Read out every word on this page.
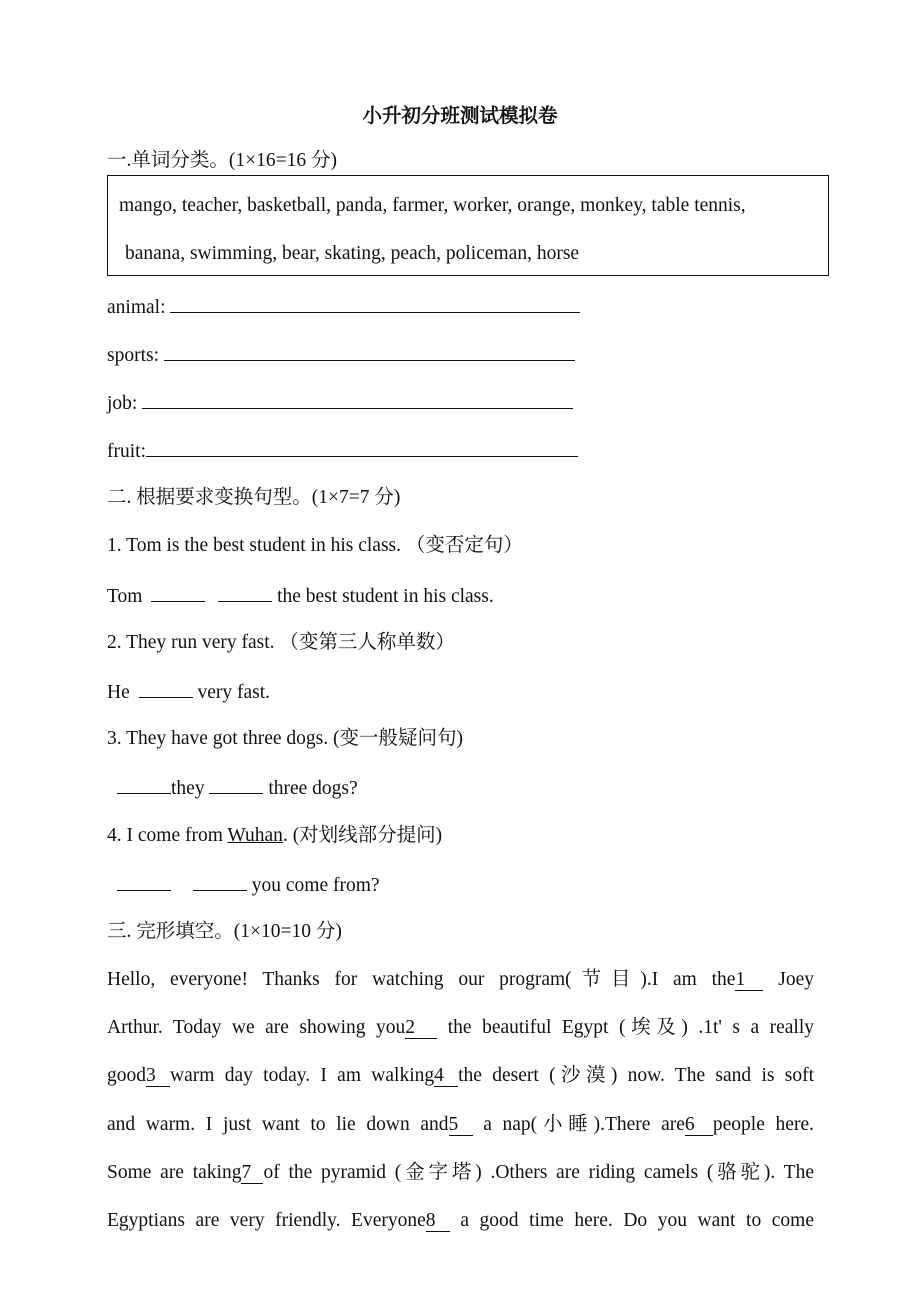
小升初分班测试模拟卷
一.单词分类。(1×16=16 分)
mango, teacher, basketball, panda, farmer, worker, orange, monkey, table tennis,
banana, swimming, bear, skating, peach, policeman, horse
animal:
sports:
job:
fruit:
二. 根据要求变换句型。(1×7=7 分)
1. Tom is the best student in his class. （变否定句）
Tom	the best student in his class.
2. They run very fast. （变第三人称单数）
He	very fast.
3. They have got three dogs. (变一般疑问句)
they	three dogs?
4. I come from Wuhan. (对划线部分提问)
you come from?
三. 完形填空。(1×10=10 分)
Hello, everyone! Thanks for watching our program(节目).I am the1 Joey
Arthur. Today we are showing you2 the beautiful Egypt (埃及) .1t' s a really
good3 warm day today. I am walking4 the desert (沙漠) now. The sand is soft
and warm. I just want to lie down and5 a nap(小睡).There are6 people here.
Some are taking7 of the pyramid (金字塔) .Others are riding camels (骆驼). The
Egyptians are very friendly. Everyone8 a good time here. Do you want to come
